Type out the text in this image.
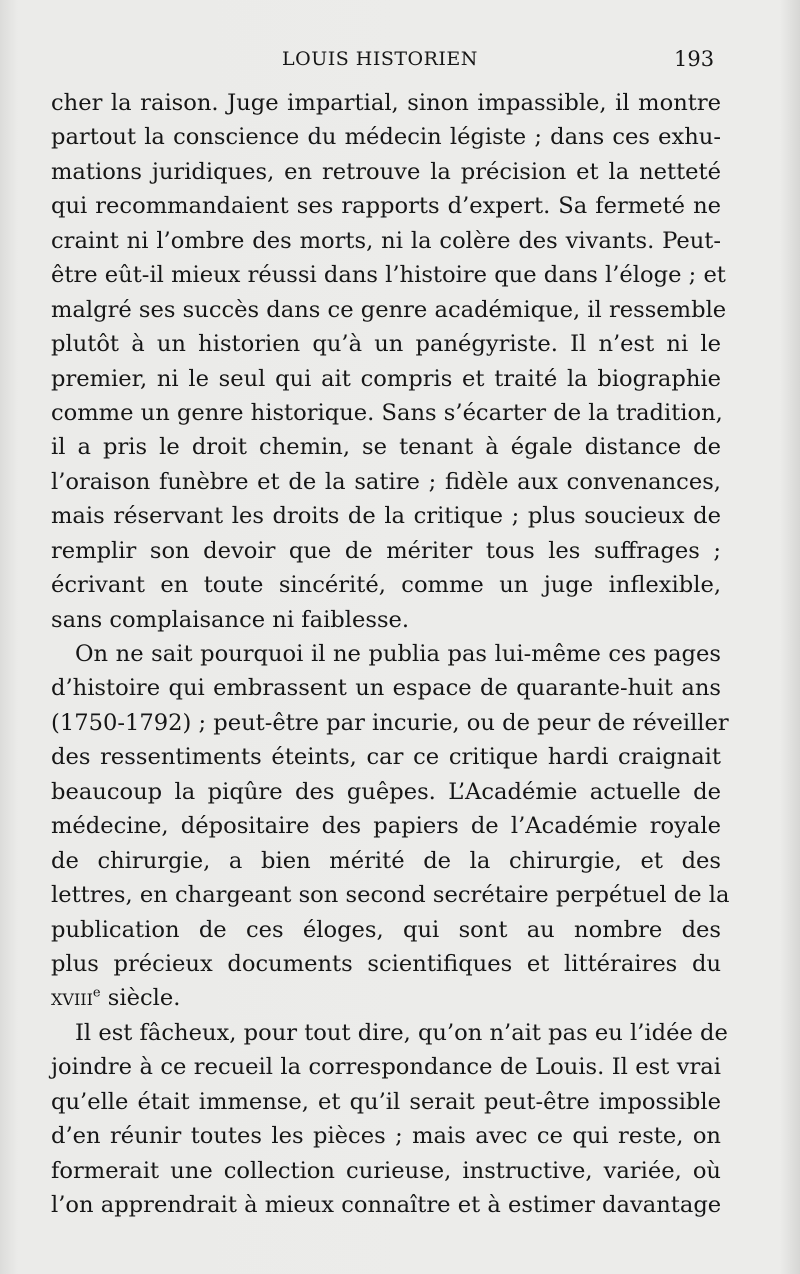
LOUIS HISTORIEN	193
cher la raison. Juge impartial, sinon impassible, il montre
partout la conscience du médecin légiste ; dans ces exhu-
mations juridiques, en retrouve la précision et la netteté
qui recommandaient ses rapports d’expert. Sa fermeté ne
craint ni l’ombre des morts, ni la colère des vivants. Peut-
être eût-il mieux réussi dans l’histoire que dans l’éloge ; et
malgré ses succès dans ce genre académique, il ressemble
plutôt à un historien qu’à un panégyriste. Il n’est ni le
premier, ni le seul qui ait compris et traité la biographie
comme un genre historique. Sans s’écarter de la tradition,
il a pris le droit chemin, se tenant à égale distance de
l’oraison funèbre et de la satire ; fidèle aux convenances,
mais réservant les droits de la critique ; plus soucieux de
remplir son devoir que de mériter tous les suffrages ;
écrivant en toute sincérité, comme un juge inflexible,
sans complaisance ni faiblesse.
On ne sait pourquoi il ne publia pas lui-même ces pages
d’histoire qui embrassent un espace de quarante-huit ans
(1750-1792) ; peut-être par incurie, ou de peur de réveiller
des ressentiments éteints, car ce critique hardi craignait
beaucoup la piqûre des guêpes. L’Académie actuelle de
médecine, dépositaire des papiers de l’Académie royale
de chirurgie, a bien mérité de la chirurgie, et des
lettres, en chargeant son second secrétaire perpétuel de la
publication de ces éloges, qui sont au nombre des
plus précieux documents scientifiques et littéraires du
xviii$^e$ siècle.
Il est fâcheux, pour tout dire, qu’on n’ait pas eu l’idée de
joindre à ce recueil la correspondance de Louis. Il est vrai
qu’elle était immense, et qu’il serait peut-être impossible
d’en réunir toutes les pièces ; mais avec ce qui reste, on
formerait une collection curieuse, instructive, variée, où
l’on apprendrait à mieux connaître et à estimer davantage
